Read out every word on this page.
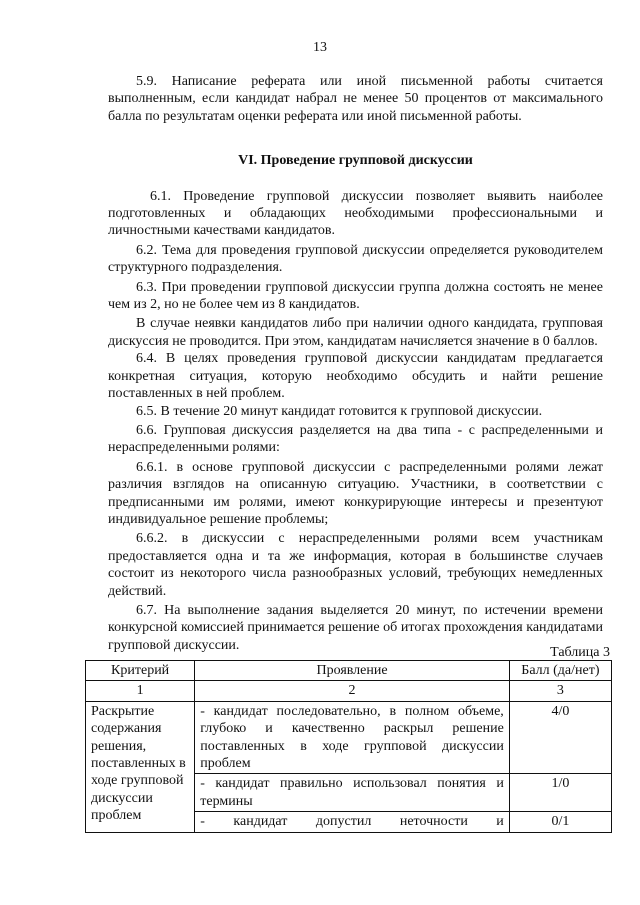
13

5.9. Написание реферата или иной письменной работы считается выполненным, если кандидат набрал не менее 50 процентов от максимального балла по результатам оценки реферата или иной письменной работы.

VI. Проведение групповой дискуссии

6.1. Проведение групповой дискуссии позволяет выявить наиболее подготовленных и обладающих необходимыми профессиональными и личностными качествами кандидатов.

6.2. Тема для проведения групповой дискуссии определяется руководителем структурного подразделения.

6.3. При проведении групповой дискуссии группа должна состоять не менее чем из 2, но не более чем из 8 кандидатов.

В случае неявки кандидатов либо при наличии одного кандидата, групповая дискуссия не проводится. При этом, кандидатам начисляется значение в 0 баллов.

6.4. В целях проведения групповой дискуссии кандидатам предлагается конкретная ситуация, которую необходимо обсудить и найти решение поставленных в ней проблем.

6.5. В течение 20 минут кандидат готовится к групповой дискуссии.

6.6. Групповая дискуссия разделяется на два типа - с распределенными и нераспределенными ролями:

6.6.1. в основе групповой дискуссии с распределенными ролями лежат различия взглядов на описанную ситуацию. Участники, в соответствии с предписанными им ролями, имеют конкурирующие интересы и презентуют индивидуальное решение проблемы;

6.6.2. в дискуссии с нераспределенными ролями всем участникам предоставляется одна и та же информация, которая в большинстве случаев состоит из некоторого числа разнообразных условий, требующих немедленных действий.

6.7. На выполнение задания выделяется 20 минут, по истечении времени конкурсной комиссией принимается решение об итогах прохождения кандидатами групповой дискуссии.	Таблица 3
Критерий	Проявление	Балл (да/нет)
1	2	3
Раскрытие содержания решения, поставленных в ходе групповой дискуссии проблем	- кандидат последовательно, в полном объеме, глубоко и качественно раскрыл решение поставленных в ходе групповой дискуссии проблем	4/0
	- кандидат правильно использовал понятия и термины	1/0
	- кандидат допустил неточности и	0/1
